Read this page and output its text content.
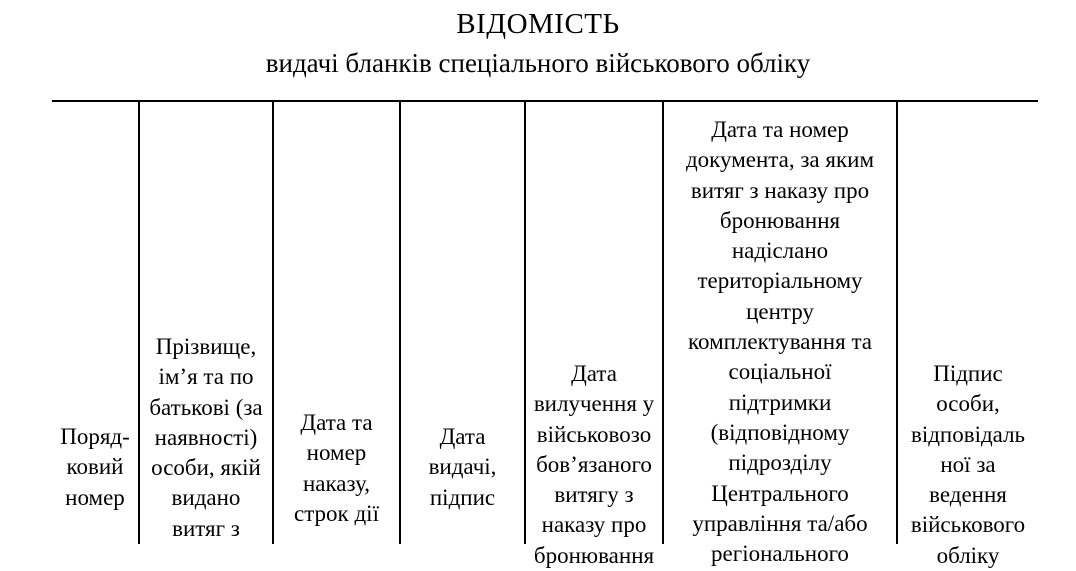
ВІДОМІСТЬ
видачі бланків спеціального військового обліку
Поряд-
ковий
номер
Прізвище,
ім’я та по
батькові (за
наявності)
особи, якій
видано
витяг з
Дата та
номер
наказу,
строк дії
Дата
видачі,
підпис
Дата
вилучення у
військовозо
бов’язаного
витягу з
наказу про
бронювання
Дата та номер
документа, за яким
витяг з наказу про
бронювання
надіслано
територіальному
центру
комплектування та
соціальної
підтримки
(відповідному
підрозділу
Центрального
управління та/або
регіонального
Підпис
особи,
відповідаль
ної за
ведення
військового
обліку
